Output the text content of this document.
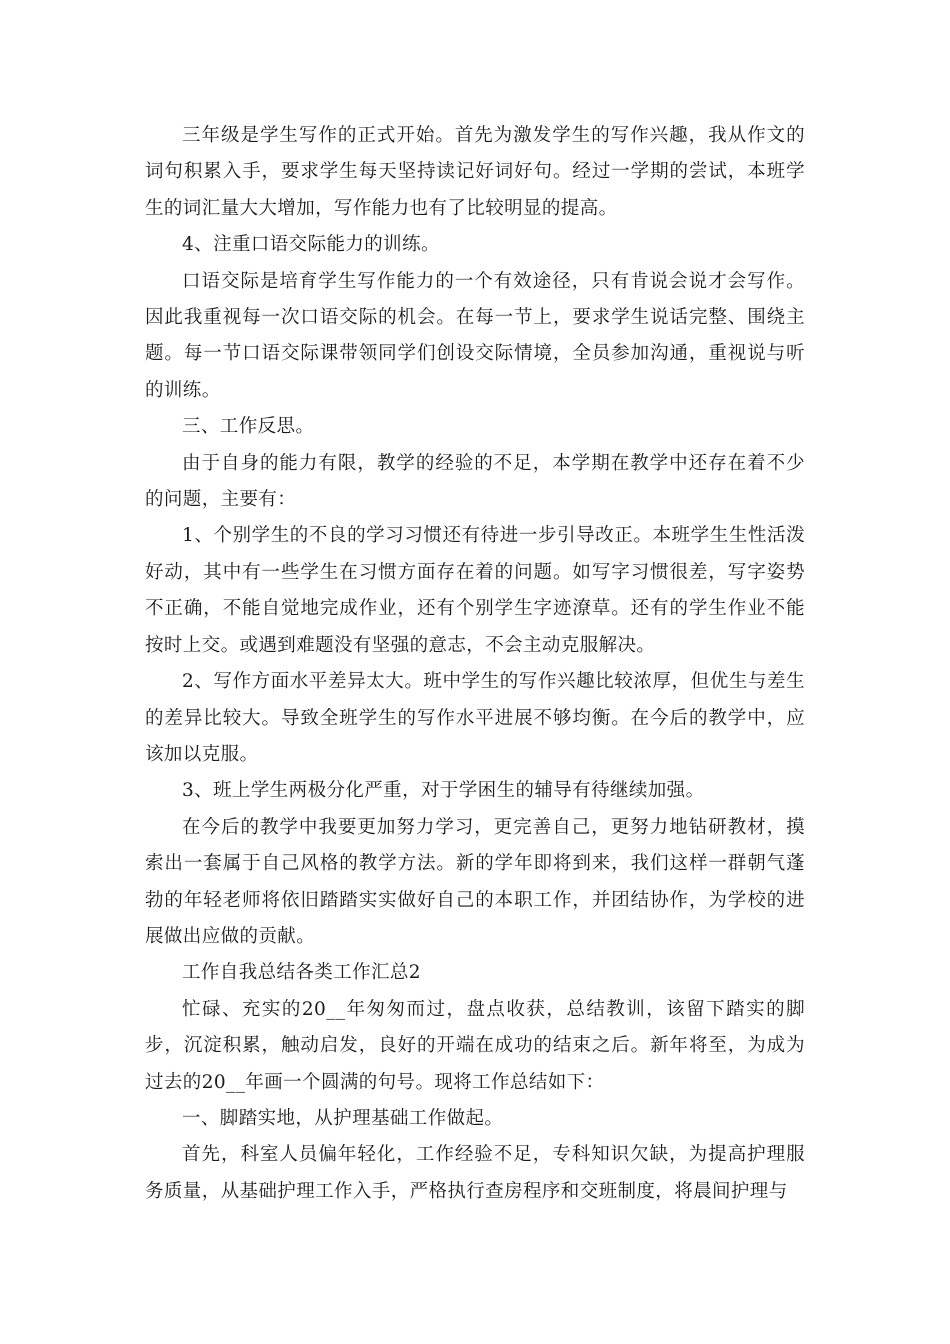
三年级是学生写作的正式开始。首先为激发学生的写作兴趣，我从作文的词句积累入手，要求学生每天坚持读记好词好句。经过一学期的尝试，本班学生的词汇量大大增加，写作能力也有了比较明显的提高。

4、注重口语交际能力的训练。

口语交际是培育学生写作能力的一个有效途径，只有肯说会说才会写作。因此我重视每一次口语交际的机会。在每一节上，要求学生说话完整、围绕主题。每一节口语交际课带领同学们创设交际情境，全员参加沟通，重视说与听的训练。

三、工作反思。

由于自身的能力有限，教学的经验的不足，本学期在教学中还存在着不少的问题，主要有：

1、个别学生的不良的学习习惯还有待进一步引导改正。本班学生生性活泼好动，其中有一些学生在习惯方面存在着的问题。如写字习惯很差，写字姿势不正确，不能自觉地完成作业，还有个别学生字迹潦草。还有的学生作业不能按时上交。或遇到难题没有坚强的意志，不会主动克服解决。

2、写作方面水平差异太大。班中学生的写作兴趣比较浓厚，但优生与差生的差异比较大。导致全班学生的写作水平进展不够均衡。在今后的教学中，应该加以克服。

3、班上学生两极分化严重，对于学困生的辅导有待继续加强。

在今后的教学中我要更加努力学习，更完善自己，更努力地钻研教材，摸索出一套属于自己风格的教学方法。新的学年即将到来，我们这样一群朝气蓬勃的年轻老师将依旧踏踏实实做好自己的本职工作，并团结协作，为学校的进展做出应做的贡献。

工作自我总结各类工作汇总2

忙碌、充实的20__年匆匆而过，盘点收获，总结教训，该留下踏实的脚步，沉淀积累，触动启发，良好的开端在成功的结束之后。新年将至，为成为过去的20__年画一个圆满的句号。现将工作总结如下：

一、脚踏实地，从护理基础工作做起。

首先，科室人员偏年轻化，工作经验不足，专科知识欠缺，为提高护理服务质量，从基础护理工作入手，严格执行查房程序和交班制度，将晨间护理与
